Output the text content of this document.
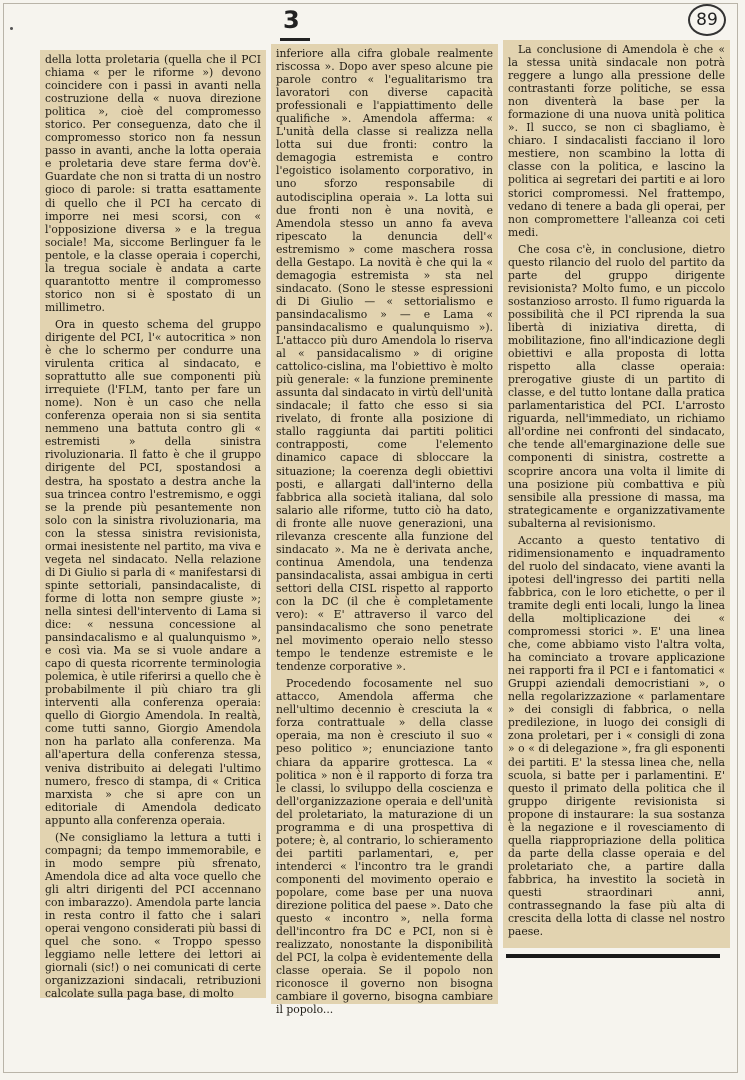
3	89

della lotta proletaria (quella che il PCI chiama « per le riforme ») devono coincidere con i passi in avanti nella costruzione della « nuova direzione politica », cioè del compromesso storico. Per conseguenza, dato che il compromesso storico non fa nessun passo in avanti, anche la lotta operaia e proletaria deve stare ferma dov'è. Guardate che non si tratta di un nostro gioco di parole: si tratta esattamente di quello che il PCI ha cercato di imporre nei mesi scorsi, con « l'opposizione diversa » e la tregua sociale! Ma, siccome Berlinguer fa le pentole, e la classe operaia i coperchi, la tregua sociale è andata a carte quarantotto mentre il compromesso storico non si è spostato di un millimetro.

Ora in questo schema del gruppo dirigente del PCI, l'« autocritica » non è che lo schermo per condurre una virulenta critica al sindacato, e soprattutto alle sue componenti più irrequiete (l'FLM, tanto per fare un nome). Non è un caso che nella conferenza operaia non si sia sentita nemmeno una battuta contro gli « estremisti » della sinistra rivoluzionaria. Il fatto è che il gruppo dirigente del PCI, spostandosi a destra, ha spostato a destra anche la sua trincea contro l'estremismo, e oggi se la prende più pesantemente non solo con la sinistra rivoluzionaria, ma con la stessa sinistra revisionista, ormai inesistente nel partito, ma viva e vegeta nel sindacato. Nella relazione di Di Giulio si parla di « manifestarsi di spinte settoriali, pansindacaliste, di forme di lotta non sempre giuste »; nella sintesi dell'intervento di Lama si dice: « nessuna concessione al pansindacalismo e al qualunquismo », e così via. Ma se si vuole andare a capo di questa ricorrente terminologia polemica, è utile riferirsi a quello che è probabilmente il più chiaro tra gli interventi alla conferenza operaia: quello di Giorgio Amendola. In realtà, come tutti sanno, Giorgio Amendola non ha parlato alla conferenza. Ma all'apertura della conferenza stessa, veniva distribuito ai delegati l'ultimo numero, fresco di stampa, di « Critica marxista » che si apre con un editoriale di Amendola dedicato appunto alla conferenza operaia.

(Ne consigliamo la lettura a tutti i compagni; da tempo immemorabile, e in modo sempre più sfrenato, Amendola dice ad alta voce quello che gli altri dirigenti del PCI accennano con imbarazzo). Amendola parte lancia in resta contro il fatto che i salari operai vengono considerati più bassi di quel che sono. « Troppo spesso leggiamo nelle lettere dei lettori ai giornali (sic!) o nei comunicati di certe organizzazioni sindacali, retribuzioni calcolate sulla paga base, di molto

inferiore alla cifra globale realmente riscossa ». Dopo aver speso alcune pie parole contro « l'egualitarismo tra lavoratori con diverse capacità professionali e l'appiattimento delle qualifiche ». Amendola afferma: « L'unità della classe si realizza nella lotta sui due fronti: contro la demagogia estremista e contro l'egoistico isolamento corporativo, in uno sforzo responsabile di autodisciplina operaia ». La lotta sui due fronti non è una novità, e Amendola stesso un anno fa aveva ripescato la denuncia dell'« estremismo » come maschera rossa della Gestapo. La novità è che qui la « demagogia estremista » sta nel sindacato. (Sono le stesse espressioni di Di Giulio — « settorialismo e pansindacalismo » — e Lama « pansindacalismo e qualunquismo »). L'attacco più duro Amendola lo riserva al « pansidacalismo » di origine cattolico-cislina, ma l'obiettivo è molto più generale: « la funzione preminente assunta dal sindacato in virtù dell'unità sindacale; il fatto che esso si sia rivelato, di fronte alla posizione di stallo raggiunta dai partiti politici contrapposti, come l'elemento dinamico capace di sbloccare la situazione; la coerenza degli obiettivi posti, e allargati dall'interno della fabbrica alla società italiana, dal solo salario alle riforme, tutto ciò ha dato, di fronte alle nuove generazioni, una rilevanza crescente alla funzione del sindacato ». Ma ne è derivata anche, continua Amendola, una tendenza pansindacalista, assai ambigua in certi settori della CISL rispetto al rapporto con la DC (il che è completamente vero): « E' attraverso il varco del pansindacalismo che sono penetrate nel movimento operaio nello stesso tempo le tendenze estremiste e le tendenze corporative ».

Procedendo focosamente nel suo attacco, Amendola afferma che nell'ultimo decennio è cresciuta la « forza contrattuale » della classe operaia, ma non è cresciuto il suo « peso politico »; enunciazione tanto chiara da apparire grottesca. La « politica » non è il rapporto di forza tra le classi, lo sviluppo della coscienza e dell'organizzazione operaia e dell'unità del proletariato, la maturazione di un programma e di una prospettiva di potere; è, al contrario, lo schieramento dei partiti parlamentari, e, per intenderci « l'incontro tra le grandi componenti del movimento operaio e popolare, come base per una nuova direzione politica del paese ». Dato che questo « incontro », nella forma dell'incontro fra DC e PCI, non si è realizzato, nonostante la disponibilità del PCI, la colpa è evidentemente della classe operaia. Se il popolo non riconosce il governo non bisogna cambiare il governo, bisogna cambiare il popolo...

La conclusione di Amendola è che « la stessa unità sindacale non potrà reggere a lungo alla pressione delle contrastanti forze politiche, se essa non diventerà la base per la formazione di una nuova unità politica ». Il succo, se non ci sbagliamo, è chiaro. I sindacalisti facciano il loro mestiere, non scambino la lotta di classe con la politica, e lascino la politica ai segretari dei partiti e ai loro storici compromessi. Nel frattempo, vedano di tenere a bada gli operai, per non compromettere l'alleanza coi ceti medi.

Che cosa c'è, in conclusione, dietro questo rilancio del ruolo del partito da parte del gruppo dirigente revisionista? Molto fumo, e un piccolo sostanzioso arrosto. Il fumo riguarda la possibilità che il PCI riprenda la sua libertà di iniziativa diretta, di mobilitazione, fino all'indicazione degli obiettivi e alla proposta di lotta rispetto alla classe operaia: prerogative giuste di un partito di classe, e del tutto lontane dalla pratica parlamentaristica del PCI. L'arrosto riguarda, nell'immediato, un richiamo all'ordine nei confronti del sindacato, che tende all'emarginazione delle sue componenti di sinistra, costrette a scoprire ancora una volta il limite di una posizione più combattiva e più sensibile alla pressione di massa, ma strategicamente e organizzativamente subalterna al revisionismo.

Accanto a questo tentativo di ridimensionamento e inquadramento del ruolo del sindacato, viene avanti la ipotesi dell'ingresso dei partiti nella fabbrica, con le loro etichette, o per il tramite degli enti locali, lungo la linea della moltiplicazione dei « compromessi storici ». E' una linea che, come abbiamo visto l'altra volta, ha cominciato a trovare applicazione nei rapporti fra il PCI e i fantomatici « Gruppi aziendali democristiani », o nella regolarizzazione « parlamentare » dei consigli di fabbrica, o nella predilezione, in luogo dei consigli di zona proletari, per i « consigli di zona » o « di delegazione », fra gli esponenti dei partiti. E' la stessa linea che, nella scuola, si batte per i parlamentini. E' questo il primato della politica che il gruppo dirigente revisionista si propone di instaurare: la sua sostanza è la negazione e il rovesciamento di quella riappropriazione della politica da parte della classe operaia e del proletariato che, a partire dalla fabbrica, ha investito la società in questi straordinari anni, contrassegnando la fase più alta di crescita della lotta di classe nel nostro paese.
